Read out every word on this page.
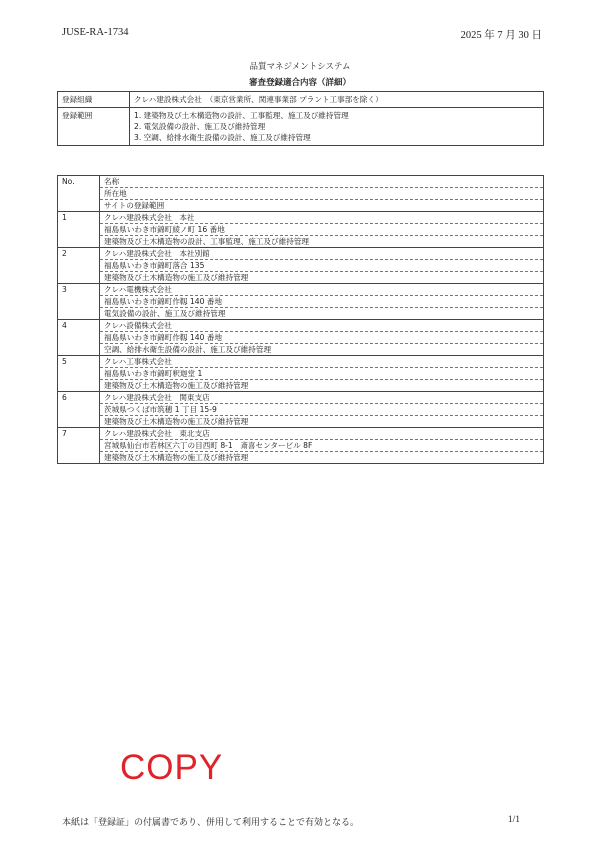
JUSE-RA-1734	2025 年 7 月 30 日
品質マネジメントシステム
審査登録適合内容（詳細）
登録組織	クレハ建設株式会社　（東京営業所、関連事業部 プラント工事部を除く）

登録範囲	1. 建築物及び土木構造物の設計、工事監理、施工及び維持管理
2. 電気設備の設計、施工及び維持管理
3. 空調、給排水衛生設備の設計、施工及び維持管理
No.	名称
所在地
サイトの登録範囲

1	クレハ建設株式会社　本社
福島県いわき市錦町綾ノ町 16 番地
建築物及び土木構造物の設計、工事監理、施工及び維持管理

2	クレハ建設株式会社　本社別館
福島県いわき市錦町落合 135
建築物及び土木構造物の施工及び維持管理

3	クレハ電機株式会社
福島県いわき市錦町作靱 140 番地
電気設備の設計、施工及び維持管理

4	クレハ設備株式会社
福島県いわき市錦町作靱 140 番地
空調、給排水衛生設備の設計、施工及び維持管理

5	クレハ工事株式会社
福島県いわき市錦町釈迦堂 1
建築物及び土木構造物の施工及び維持管理

6	クレハ建設株式会社　関東支店
茨城県つくば市筑穂 1 丁目 15-9
建築物及び土木構造物の施工及び維持管理

7	クレハ建設株式会社　東北支店
宮城県仙台市若林区六丁の目西町 8-1　斎喜センタービル 8F
建築物及び土木構造物の施工及び維持管理
COPY
本紙は「登録証」の付属書であり、併用して利用することで有効となる。	1/1
